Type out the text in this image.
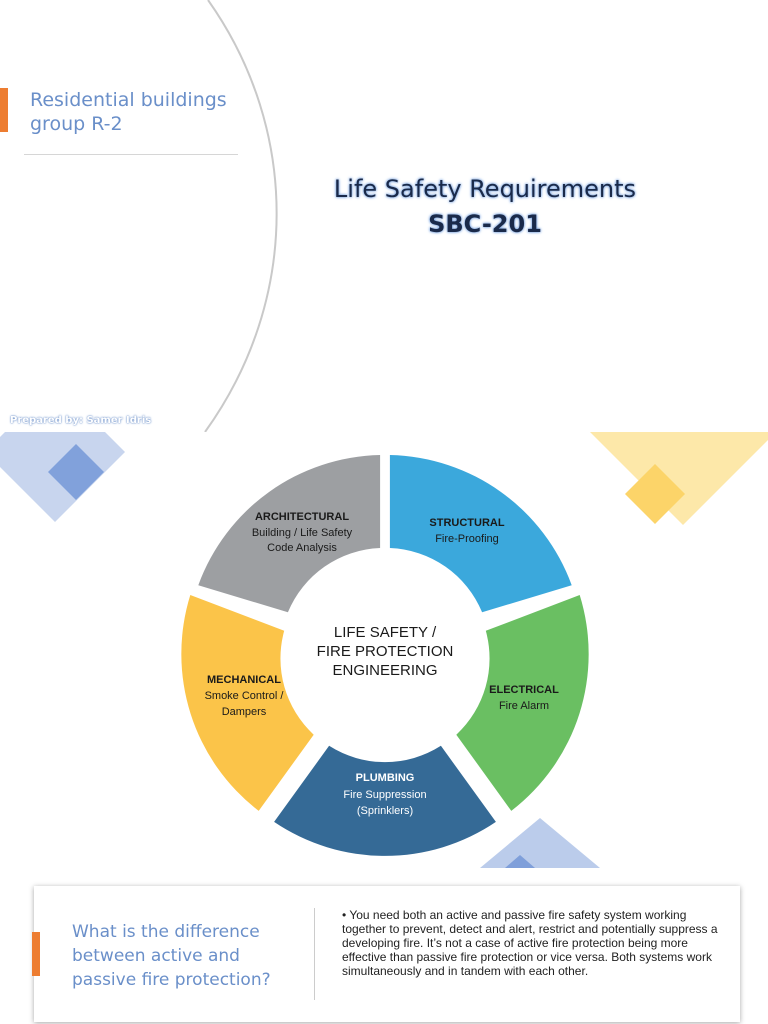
Residential buildings group R-2
Life Safety Requirements
SBC-201
Prepared by: Samer Idris
LIFE SAFETY /
FIRE PROTECTION
ENGINEERING
ARCHITECTURAL
Building / Life Safety
Code Analysis
STRUCTURAL
Fire-Proofing
ELECTRICAL
Fire Alarm
PLUMBING
Fire Suppression
(Sprinklers)
MECHANICAL
Smoke Control /
Dampers
What is the difference between active and passive fire protection?
• You need both an active and passive fire safety system working together to prevent, detect and alert, restrict and potentially suppress a developing fire. It’s not a case of active fire protection being more effective than passive fire protection or vice versa. Both systems work simultaneously and in tandem with each other.
